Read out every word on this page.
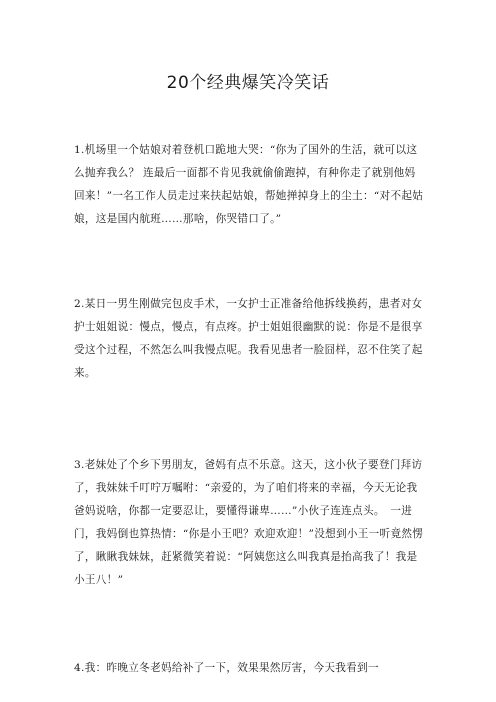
20个经典爆笑冷笑话
1.机场里一个姑娘对着登机口跪地大哭：“你为了国外的生活，就可以这么抛弃我么？ 连最后一面都不肯见我就偷偷跑掉，有种你走了就别他妈回来！”一名工作人员走过来扶起姑娘，帮她掸掉身上的尘土：“对不起姑娘，这是国内航班……那啥，你哭错口了。”
2.某日一男生刚做完包皮手术，一女护士正准备给他拆线换药，患者对女护士姐姐说：慢点，慢点，有点疼。护士姐姐很幽默的说：你是不是很享受这个过程，不然怎么叫我慢点呢。我看见患者一脸囧样，忍不住笑了起来。
3.老妹处了个乡下男朋友，爸妈有点不乐意。这天，这小伙子要登门拜访了，我妹妹千叮咛万嘱咐：“亲爱的，为了咱们将来的幸福，今天无论我爸妈说啥，你都一定要忍让，要懂得谦卑……”小伙子连连点头。　一进门，我妈倒也算热情：“你是小王吧？欢迎欢迎！”没想到小王一听竟然愣了，瞅瞅我妹妹，赶紧微笑着说：“阿姨您这么叫我真是抬高我了！我是小王八！”
4.我：昨晚立冬老妈给补了一下，效果果然厉害，今天我看到一
